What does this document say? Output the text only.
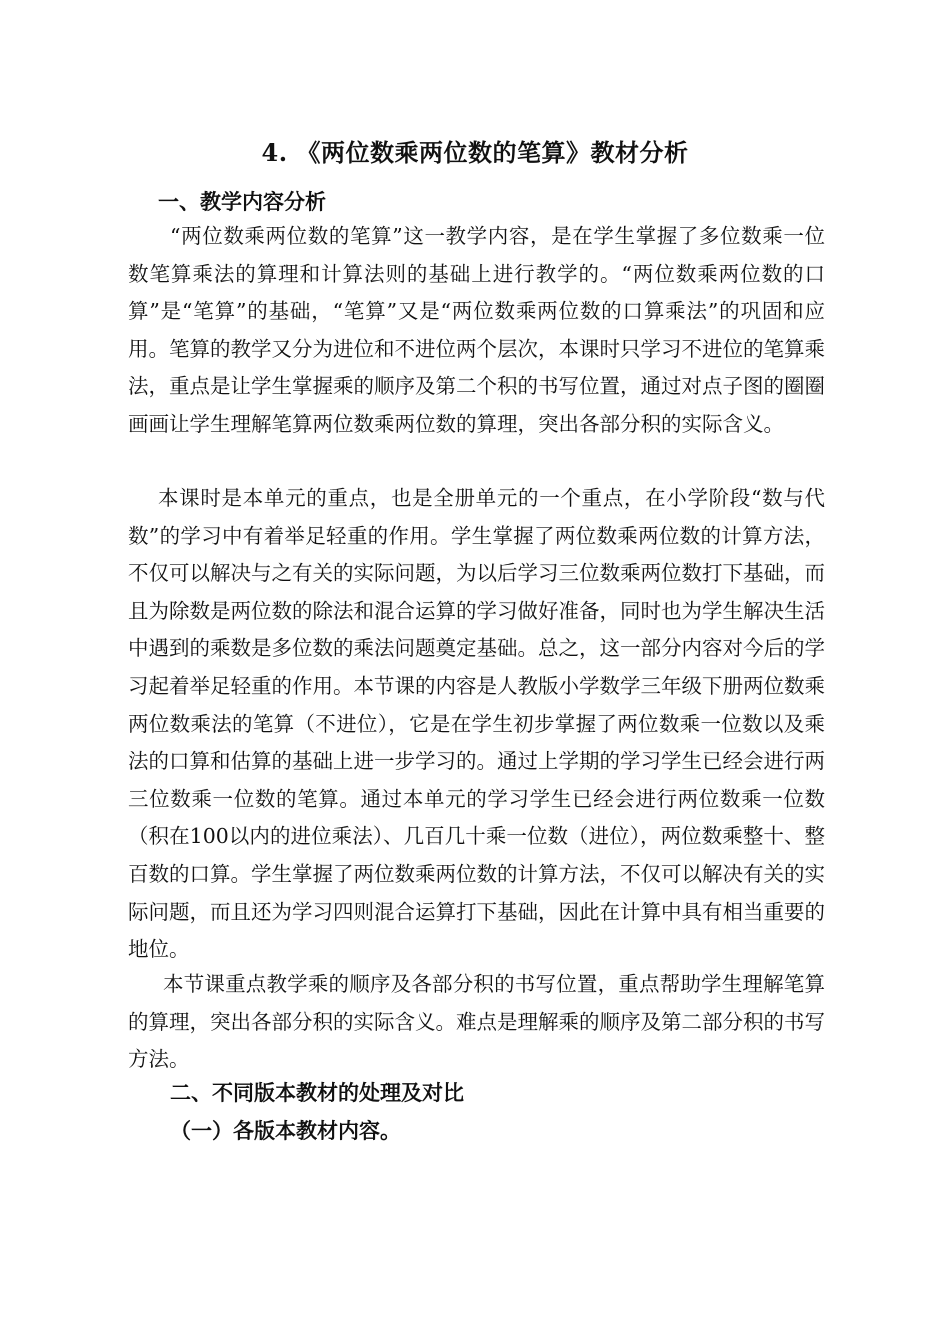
4. 《两位数乘两位数的笔算》教材分析
一、教学内容分析

“两位数乘两位数的笔算”这一教学内容，是在学生掌握了多位数乘一位数笔算乘法的算理和计算法则的基础上进行教学的。“两位数乘两位数的口算”是“笔算”的基础，“笔算”又是“两位数乘两位数的口算乘法”的巩固和应用。笔算的教学又分为进位和不进位两个层次，本课时只学习不进位的笔算乘法，重点是让学生掌握乘的顺序及第二个积的书写位置，通过对点子图的圈圈画画让学生理解笔算两位数乘两位数的算理，突出各部分积的实际含义。

本课时是本单元的重点，也是全册单元的一个重点，在小学阶段“数与代数”的学习中有着举足轻重的作用。学生掌握了两位数乘两位数的计算方法，不仅可以解决与之有关的实际问题，为以后学习三位数乘两位数打下基础，而且为除数是两位数的除法和混合运算的学习做好准备，同时也为学生解决生活中遇到的乘数是多位数的乘法问题奠定基础。总之，这一部分内容对今后的学习起着举足轻重的作用。本节课的内容是人教版小学数学三年级下册两位数乘两位数乘法的笔算（不进位），它是在学生初步掌握了两位数乘一位数以及乘法的口算和估算的基础上进一步学习的。通过上学期的学习学生已经会进行两三位数乘一位数的笔算。通过本单元的学习学生已经会进行两位数乘一位数（积在100以内的进位乘法）、几百几十乘一位数（进位），两位数乘整十、整百数的口算。学生掌握了两位数乘两位数的计算方法，不仅可以解决有关的实际问题，而且还为学习四则混合运算打下基础，因此在计算中具有相当重要的地位。

本节课重点教学乘的顺序及各部分积的书写位置，重点帮助学生理解笔算的算理，突出各部分积的实际含义。难点是理解乘的顺序及第二部分积的书写方法。

二、不同版本教材的处理及对比
（一）各版本教材内容。
